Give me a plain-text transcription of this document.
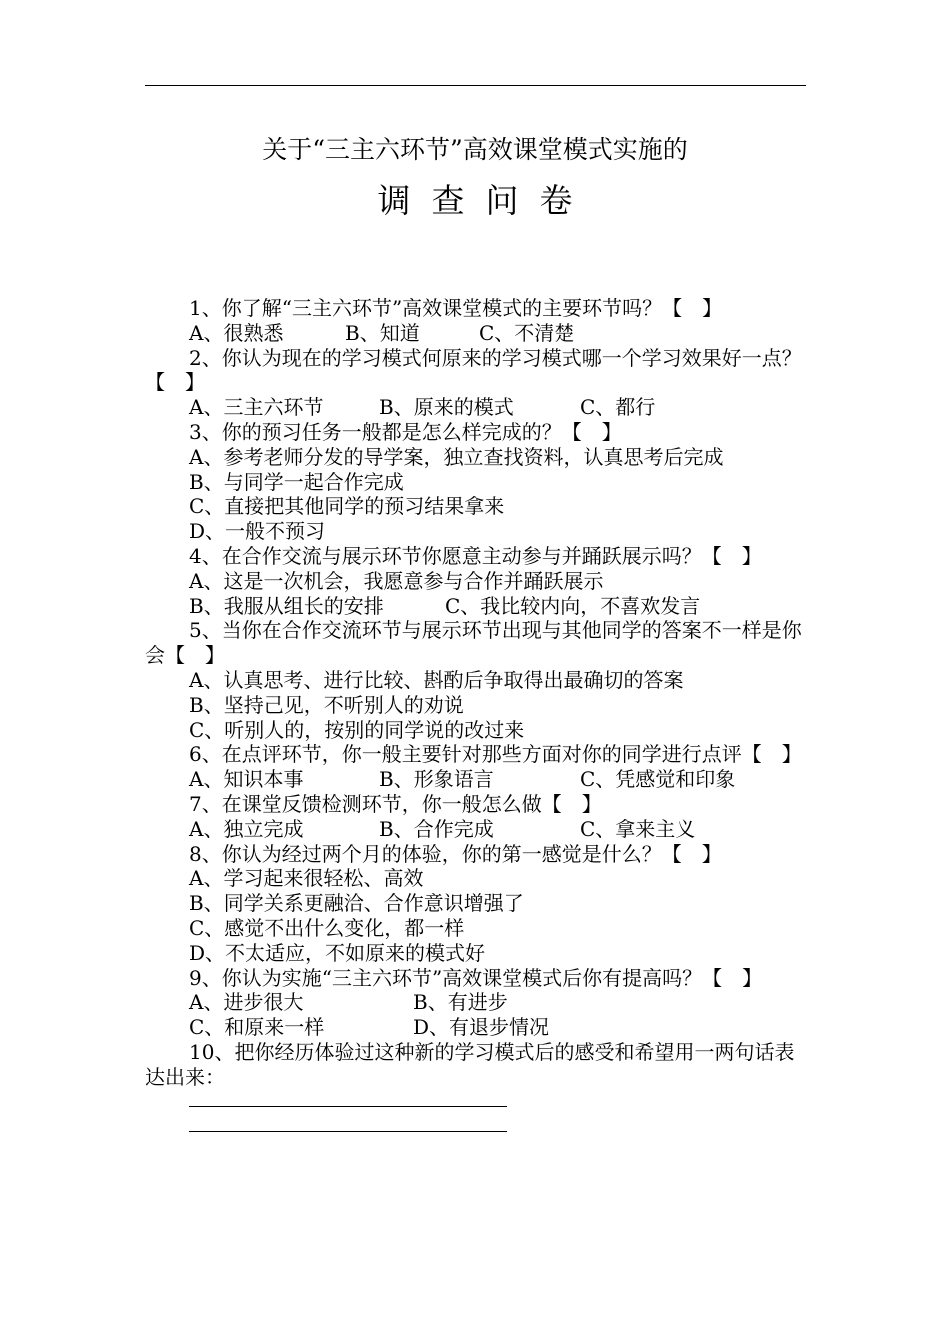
关于“三主六环节”高效课堂模式实施的
调查问卷
1、你了解“三主六环节”高效课堂模式的主要环节吗？【　】
A、很熟悉	B、知道	C、不清楚
2、你认为现在的学习模式何原来的学习模式哪一个学习效果好一点？【　】
A、三主六环节	B、原来的模式	C、都行
3、你的预习任务一般都是怎么样完成的？【　】
A、参考老师分发的导学案，独立查找资料，认真思考后完成
B、与同学一起合作完成
C、直接把其他同学的预习结果拿来
D、一般不预习
4、在合作交流与展示环节你愿意主动参与并踊跃展示吗？【　】
A、这是一次机会，我愿意参与合作并踊跃展示
B、我服从组长的安排	C、我比较内向，不喜欢发言
5、当你在合作交流环节与展示环节出现与其他同学的答案不一样是你会【　】
A、认真思考、进行比较、斟酌后争取得出最确切的答案
B、坚持己见，不听别人的劝说
C、听别人的，按别的同学说的改过来
6、在点评环节，你一般主要针对那些方面对你的同学进行点评【　】
A、知识本事	B、形象语言	C、凭感觉和印象
7、在课堂反馈检测环节，你一般怎么做【　】
A、独立完成	B、合作完成	C、拿来主义
8、你认为经过两个月的体验，你的第一感觉是什么？【　】
A、学习起来很轻松、高效
B、同学关系更融洽、合作意识增强了
C、感觉不出什么变化，都一样
D、不太适应，不如原来的模式好
9、你认为实施“三主六环节”高效课堂模式后你有提高吗？【　】
A、进步很大	B、有进步
C、和原来一样	D、有退步情况
10、把你经历体验过这种新的学习模式后的感受和希望用一两句话表达出来：
